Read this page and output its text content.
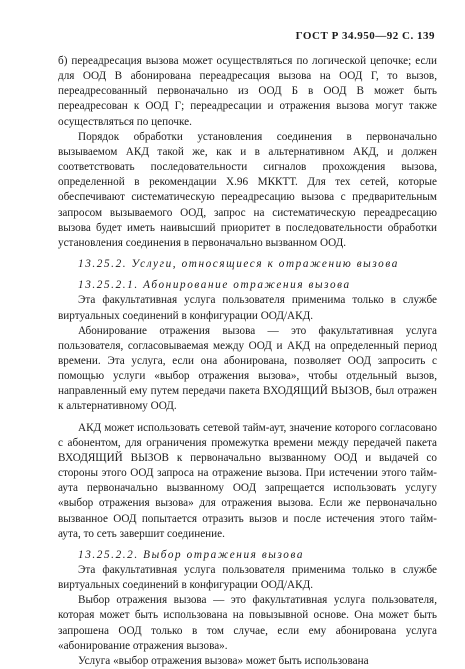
ГОСТ Р 34.950—92 С. 139

б) переадресация вызова может осуществляться по логической цепочке; если для ООД В абонирована переадресация вызова на ООД Г, то вызов, переадресованный первоначально из ООД Б в ООД В может быть переадресован к ООД Г; переадресации и отражения вызова могут также осуществляться по цепочке.

Порядок обработки установления соединения в первоначально вызываемом АКД такой же, как и в альтернативном АКД, и должен соответствовать последовательности сигналов прохождения вызова, определенной в рекомендации X.96 МККТТ. Для тех сетей, которые обеспечивают систематическую переадресацию вызова с предварительным запросом вызываемого ООД, запрос на систематическую переадресацию вызова будет иметь наивысший приоритет в последовательности обработки установления соединения в первоначально вызванном ООД.

13.25.2. Услуги, относящиеся к отражению вызова

13.25.2.1. Абонирование отражения вызова

Эта факультативная услуга пользователя применима только в службе виртуальных соединений в конфигурации ООД/АКД.

Абонирование отражения вызова — это факультативная услуга пользователя, согласовываемая между ООД и АКД на определенный период времени. Эта услуга, если она абонирована, позволяет ООД запросить с помощью услуги «выбор отражения вызова», чтобы отдельный вызов, направленный ему путем передачи пакета ВХОДЯЩИЙ ВЫЗОВ, был отражен к альтернативному ООД.

АКД может использовать сетевой тайм-аут, значение которого согласовано с абонентом, для ограничения промежутка времени между передачей пакета ВХОДЯЩИЙ ВЫЗОВ к первоначально вызванному ООД и выдачей со стороны этого ООД запроса на отражение вызова. При истечении этого тайм-аута первоначально вызванному ООД запрещается использовать услугу «выбор отражения вызова» для отражения вызова. Если же первоначально вызванное ООД попытается отразить вызов и после истечения этого тайм-аута, то сеть завершит соединение.

13.25.2.2. Выбор отражения вызова

Эта факультативная услуга пользователя применима только в службе виртуальных соединений в конфигурации ООД/АКД.

Выбор отражения вызова — это факультативная услуга пользователя, которая может быть использована на повызывной основе. Она может быть запрошена ООД только в том случае, если ему абонирована услуга «абонирование отражения вызова».

Услуга «выбор отражения вызова» может быть использована
